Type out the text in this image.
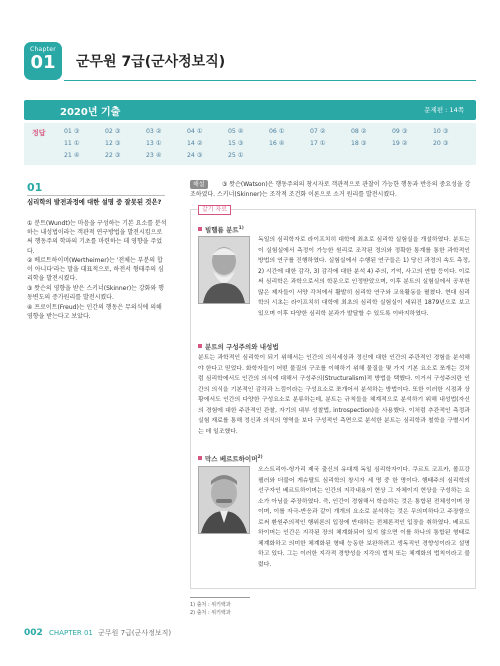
Chapter
01	군무원 7급(군사정보직)
2020년 기출	문제편 : 14쪽
정답	01 ③	02 ③	03 ②	04 ①	05 ④	06 ①	07 ②	08 ②	09 ③	10 ③
11 ①	12 ③	13 ①	14 ②	15 ③	16 ④	17 ①	18 ③	19 ②	20 ③
21 ④	22 ③	23 ④	24 ③	25 ①
01
심리학의 발전과정에 대한 설명 중 잘못된 것은?
① 분트(Wundt)는 마음을 구성하는 기본 요소를 분석하는 내성법이라는 객관적 연구방법을 발전시킴으로써 행동주의 학파의 기초를 마련하는 데 영향을 주었다.
② 베르트하이머(Wertheimer)는 '전체는 부분의 합이 아니다'라는 말을 대표적으로, 하전서 형태주의 심리학을 발전시켰다.
③ 왓슨의 영향을 받은 스키너(Skinner)는 강화와 행동변도의 증가원리를 발전시켰다.
④ 프로이트(Freud)는 인간의 행동은 무의식에 의해 영향을 받는다고 보았다.
③ 왓슨(Watson)은 행동주의의 창시자로 객관적으로 관찰이 가능한 행동과 반응의 중요성을 강조하였다. 스키너(Skinner)는 조작적 조건화 이론으로 소거 원리를 발전시켰다.
해설
같기 자료
빌헬름 분트$^{1)}$
독일의 심리학자로 라이프치히 대학에 최초로 심리학 실험실을 개설하였다. 분트는 이 실험실에서 측정이 가능한 원리로 조작된 정의와 정확한 통계를 통한 과학적인 방법의 연구를 진행하였다. 실험실에서 수행된 연구들은 1) 당신 과정의 속도 측정, 2) 시간에 대한 감각, 3) 감각에 대한 분석 4) 주의, 기억, 사고의 연합 등이다. 이로써 심리학은 과학으로서의 학문으로 인정받았으며, 이후 분트의 실험실에서 공부한 많은 제자들이 서양 각처에서 활발히 심리학 연구와 교육활동을 펼쳤다. 현대 심리학의 시초는 라이프치히 대학에 최초의 심리학 실험실이 세워진 1879년으로 보고 있으며 이후 다양한 심리학 분과가 발달할 수 있도록 이바지하였다.
분트의 구성주의와 내성법
분트는 과학적인 심리학이 되기 위해서는 인간의 의식세상과 정신에 대한 인간의 주관적인 경험을 분석해야 한다고 믿었다. 화학자들이 어떤 물질의 구조를 이해하기 위해 물질을 몇 가지 기본 요소로 쪼개는 것처럼 심리학에서도 인간의 의식에 대해서 구성주의(Structuralism)적 방법을 택했다. 이거서 구성주의란 인간의 의식을 기본적인 감각과 느낌이라는 구성요소로 쪼개어서 분석하는 방법이다. 또한 이러한 시점과 상황에서도 인간의 다양한 구성요소로 분류하는데, 분트는 규칙들을 체계적으로 분석하기 위해 내성법(자신의 경험에 대한 주관적인 관찰, 자기의 내부 성찰법, introspection)을 사용했다. 이처럼 추관적인 측정과 실험 재료를 통해 정신과 의식의 영역을 보다 구성적인 측면으로 분석한 분트는 심리학과 철학을 구별시키는 데 일조했다.
막스 베르트하이머$^{2)}$
오스트리아-헝가리 제국 출신의 유대계 독일 심리학자이다. 쿠르트 코프카, 볼프강 쾰러와 더불어 게슈탈트 심리학의 창시자 세 명 중 한 명이다. 행태주의 심리학의 선구자인 베르트하이머는 인간의 지각내용이 현상 그 자체이지 현상을 구성하는 요소가 아님을 주장하였다. 즉, 인간이 경험해서 학습하는 것은 통합된 전체성이며 장이며, 이를 자극-반응과 같이 개개의 요소로 분석하는 것은 무의미하다고 주장함으로써 환원주의적인 행위론의 입장에 반대하는 전체론적인 입장을 취하였다. 베르트하이머는 인간은 지각된 장의 체계화되어 있지 않으면 이를 하나의 통합된 형태로 체계화하고 의미한 체계화된 형태 능동한 보완하려고 생독직인 경향성이라고 설명하고 있다. 그는 이러한 지각적 경향성을 지각의 법칙 또는 체계화의 법칙이라고 불렀다.
1) 출처 : 위키백과
2) 출처 : 위키백과
002 CHAPTER 01 군무원 7급(군사정보직)
